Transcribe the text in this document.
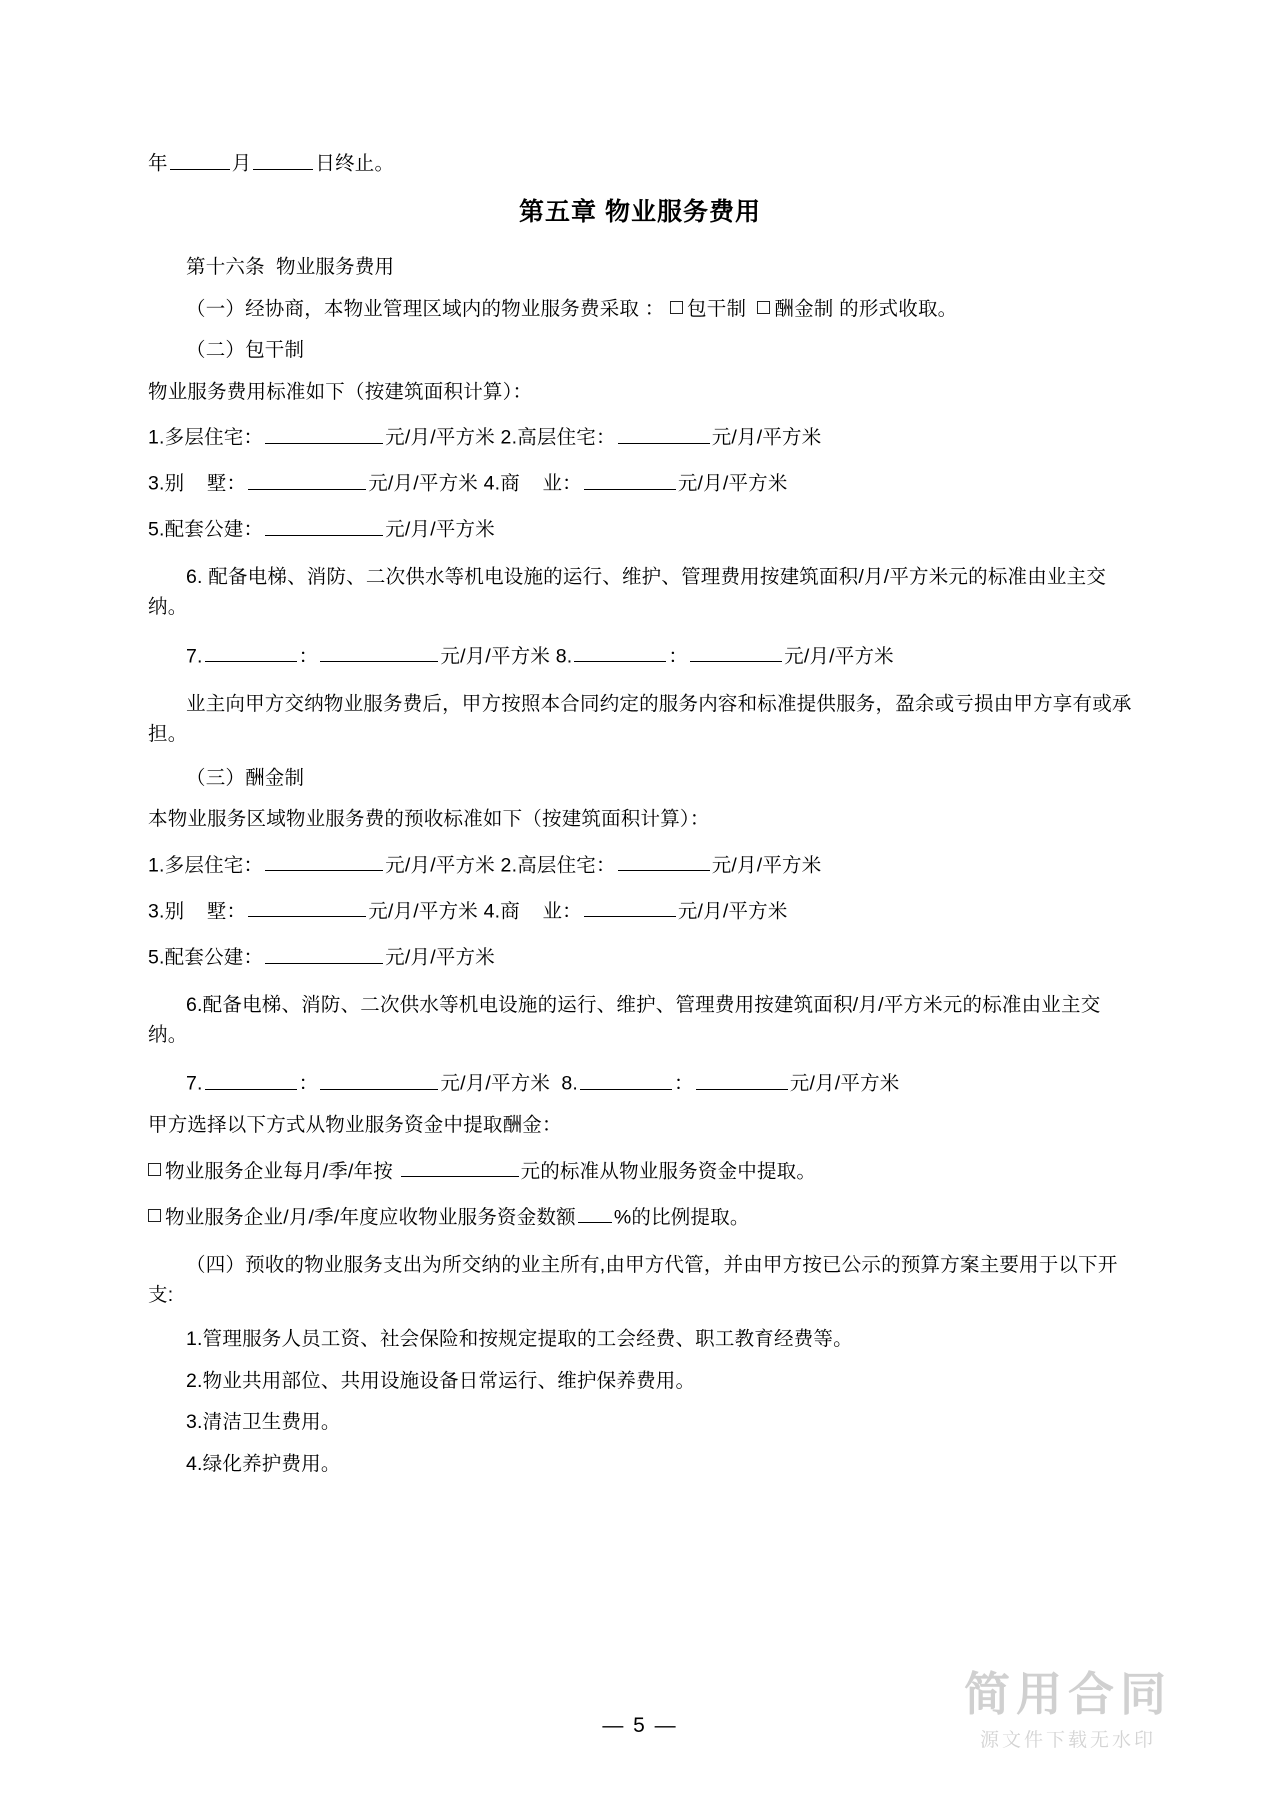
年	月	日终止。
第五章 物业服务费用
第十六条  物业服务费用
（一）经协商，本物业管理区域内的物业服务费采取 ： 包干制 酬金制 的形式收取。
（二）包干制
物业服务费用标准如下（按建筑面积计算）：
1.多层住宅：	元/月/平方米 2.高层住宅：	元/月/平方米
3.别    墅：	元/月/平方米 4.商    业：	元/月/平方米
5.配套公建：	元/月/平方米
6. 配备电梯、消防、二次供水等机电设施的运行、维护、管理费用按建筑面积/月/平方米元的标准由业主交纳。
7.	：	元/月/平方米 8.	：	元/月/平方米
业主向甲方交纳物业服务费后，甲方按照本合同约定的服务内容和标准提供服务，盈余或亏损由甲方享有或承担。
（三）酬金制
本物业服务区域物业服务费的预收标准如下（按建筑面积计算）：
1.多层住宅：	元/月/平方米 2.高层住宅：	元/月/平方米
3.别    墅：	元/月/平方米 4.商    业：	元/月/平方米
5.配套公建：	元/月/平方米
6.配备电梯、消防、二次供水等机电设施的运行、维护、管理费用按建筑面积/月/平方米元的标准由业主交纳。
7.	：	元/月/平方米 8.	：	元/月/平方米
甲方选择以下方式从物业服务资金中提取酬金：
物业服务企业每月/季/年按	元的标准从物业服务资金中提取。
物业服务企业/月/季/年度应收物业服务资金数额 %的比例提取。
（四）预收的物业服务支出为所交纳的业主所有,由甲方代管，并由甲方按已公示的预算方案主要用于以下开支:
1.管理服务人员工资、社会保险和按规定提取的工会经费、职工教育经费等。
2.物业共用部位、共用设施设备日常运行、维护保养费用。
3.清洁卫生费用。
4.绿化养护费用。
简用合同
源文件下载无水印
— 5 —
